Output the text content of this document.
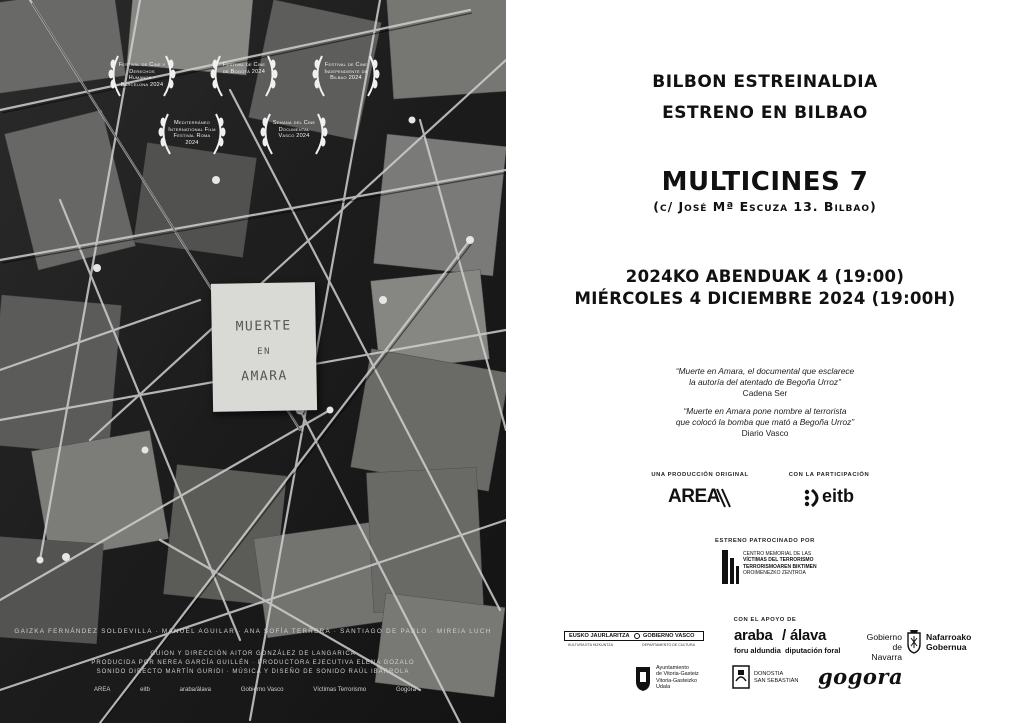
Festival de Cine y Derechos Humanos · Barcelona 2024
Festival de Cine de Bogotá 2024
Festival de Cine Independiente de Bilbao 2024
Mediterráneo International Film Festival Roma 2024
Semana del Cine Documental Vasco 2024
MUERTE
EN
AMARA
GAIZKA FERNÁNDEZ SOLDEVILLA · MANUEL AGUILAR · ANA SOFÍA TERRERA · SANTIAGO DE PABLO · MIREIA LUCH
GUION Y DIRECCIÓN AITOR GONZÁLEZ DE LANGARICA
PRODUCIDA POR NEREA GARCÍA GUILLÉN · PRODUCTORA EJECUTIVA ELENA GOZALO
SONIDO DIRECTO MARTÍN GURIDI · MÚSICA Y DISEÑO DE SONIDO RAÚL IBARROLA
AREA	eitb	araba/álava	Gobierno Vasco	Víctimas Terrorismo	Gogora
BILBON ESTREINALDIA
ESTRENO EN BILBAO
MULTICINES 7
(c/ José Mª Escuza 13. Bilbao)
2024KO ABENDUAK 4 (19:00)
MIÉRCOLES 4 DICIEMBRE 2024 (19:00H)
“Muerte en Amara, el documental que esclarece
la autoría del atentado de Begoña Urroz”
Cadena Ser
“Muerte en Amara pone nombre al terrorista
que colocó la bomba que mató a Begoña Urroz”
Diario Vasco
UNA PRODUCCIÓN ORIGINAL	CON LA PARTICIPACIÓN
AREA	eitb
ESTRENO PATROCINADO POR
CENTRO MEMORIAL DE LAS
VÍCTIMAS DEL TERRORISMO
TERRORISMOAREN BIKTIMEN
OROIMENEZKO ZENTROA
CON EL APOYO DE
EUSKO JAURLARITZA GOBIERNO VASCO
KULTURA ETA HIZKUNTZA	DEPARTAMENTO DE CULTURA
araba / álava
foru aldundia diputación foral
Gobierno
de Navarra
Nafarroako
Gobernua
Ayuntamiento
de Vitoria-Gasteiz
Vitoria-Gasteizko
Udala
DONOSTIA
SAN SEBASTIÁN gogora
